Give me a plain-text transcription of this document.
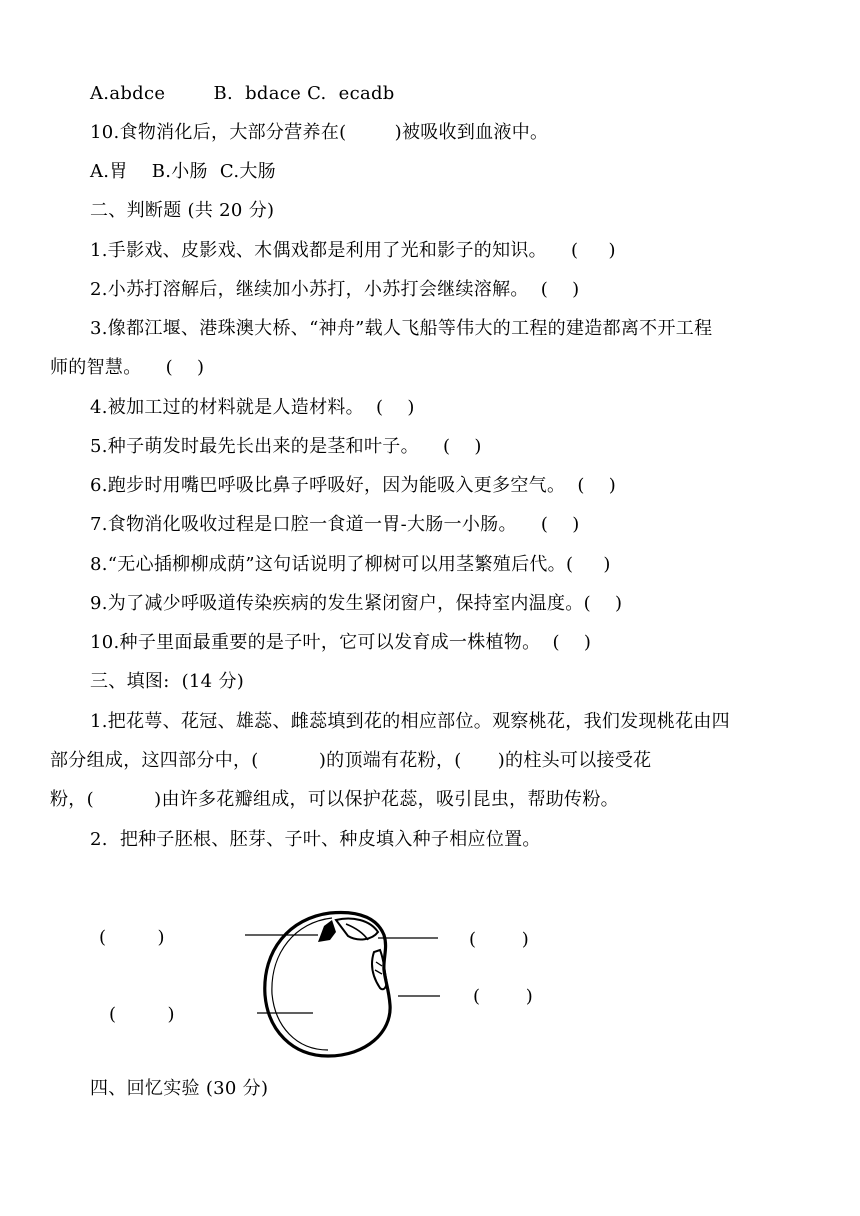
A.abdce        B.  bdace C.  ecadb
10.食物消化后，大部分营养在(        )被吸收到血液中。
A.胃    B.小肠  C.大肠
二、判断题 (共 20 分)
1.手影戏、皮影戏、木偶戏都是利用了光和影子的知识。    (     )
2.小苏打溶解后，继续加小苏打，小苏打会继续溶解。  (    )
3.像都江堰、港珠澳大桥、“神舟”载人飞船等伟大的工程的建造都离不开工程
师的智慧。    (    )
4.被加工过的材料就是人造材料。  (    )
5.种子萌发时最先长出来的是茎和叶子。    (    )
6.跑步时用嘴巴呼吸比鼻子呼吸好，因为能吸入更多空气。  (    )
7.食物消化吸收过程是口腔一食道一胃-大肠一小肠。    (    )
8.“无心插柳柳成荫”这句话说明了柳树可以用茎繁殖后代。(     )
9.为了减少呼吸道传染疾病的发生紧闭窗户，保持室内温度。(    )
10.种子里面最重要的是子叶，它可以发育成一株植物。  (    )
三、填图:  (14 分)
1.把花萼、花冠、雄蕊、雌蕊填到花的相应部位。观察桃花，我们发现桃花由四
部分组成，这四部分中，(          )的顶端有花粉，(      )的柱头可以接受花
粉，(          )由许多花瓣组成，可以保护花蕊，吸引昆虫，帮助传粉。
2.  把种子胚根、胚芽、子叶、种皮填入种子相应位置。
(         )
(         )
(        )
(        )
四、回忆实验 (30 分)
